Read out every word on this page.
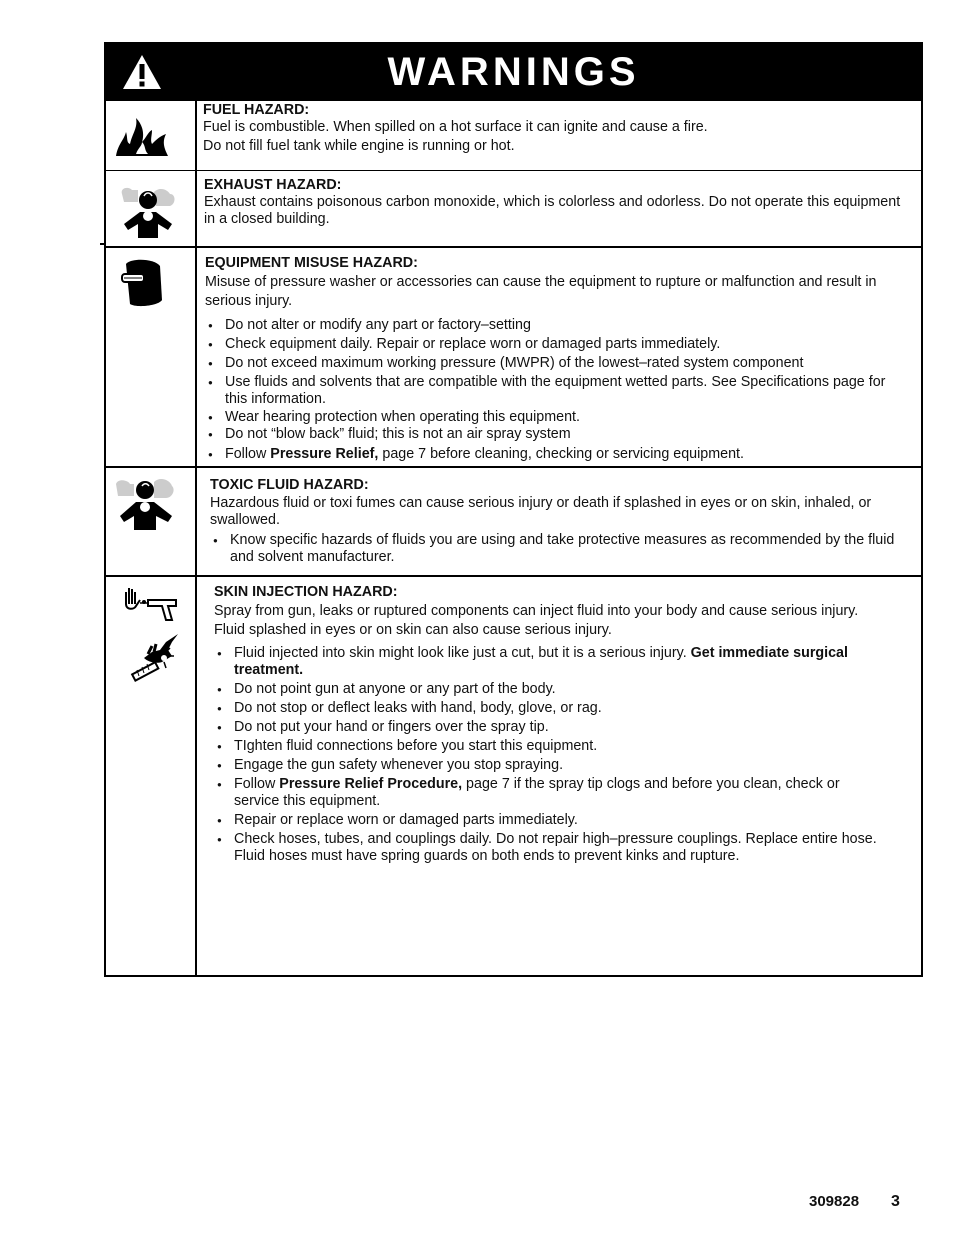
WARNINGS
FUEL HAZARD:

Fuel is combustible. When spilled on a hot surface it can ignite and cause a fire.

Do not fill fuel tank while engine is running or hot.

EXHAUST HAZARD:

Exhaust contains poisonous carbon monoxide, which is colorless and odorless. Do not operate this equipment in a closed building.

EQUIPMENT MISUSE HAZARD:

Misuse of pressure washer or accessories can cause the equipment to rupture or malfunction and result in serious injury.

● Do not alter or modify any part or factory–setting
● Check equipment daily. Repair or replace worn or damaged parts immediately.
● Do not exceed maximum working pressure (MWPR) of the lowest–rated system component
● Use fluids and solvents that are compatible with the equipment wetted parts. See Specifications page for this information.
● Wear hearing protection when operating this equipment.
● Do not “blow back” fluid; this is not an air spray system
● Follow Pressure Relief, page 7 before cleaning, checking or servicing equipment.
TOXIC FLUID HAZARD:

Hazardous fluid or toxi fumes can cause serious injury or death if splashed in eyes or on skin, inhaled, or swallowed.

● Know specific hazards of fluids you are using and take protective measures as recommended by the fluid and solvent manufacturer.
SKIN INJECTION HAZARD:

Spray from gun, leaks or ruptured components can inject fluid into your body and cause serious injury. Fluid splashed in eyes or on skin can also cause serious injury.

● Fluid injected into skin might look like just a cut, but it is a serious injury. Get immediate surgical treatment.
● Do not point gun at anyone or any part of the body.
● Do not stop or deflect leaks with hand, body, glove, or rag.
● Do not put your hand or fingers over the spray tip.
● TIghten fluid connections before you start this equipment.
● Engage the gun safety whenever you stop spraying.
● Follow Pressure Relief Procedure, page 7 if the spray tip clogs and before you clean, check or service this equipment.
● Repair or replace worn or damaged parts immediately.
● Check hoses, tubes, and couplings daily. Do not repair high–pressure couplings. Replace entire hose. Fluid hoses must have spring guards on both ends to prevent kinks and rupture.
309828 3
